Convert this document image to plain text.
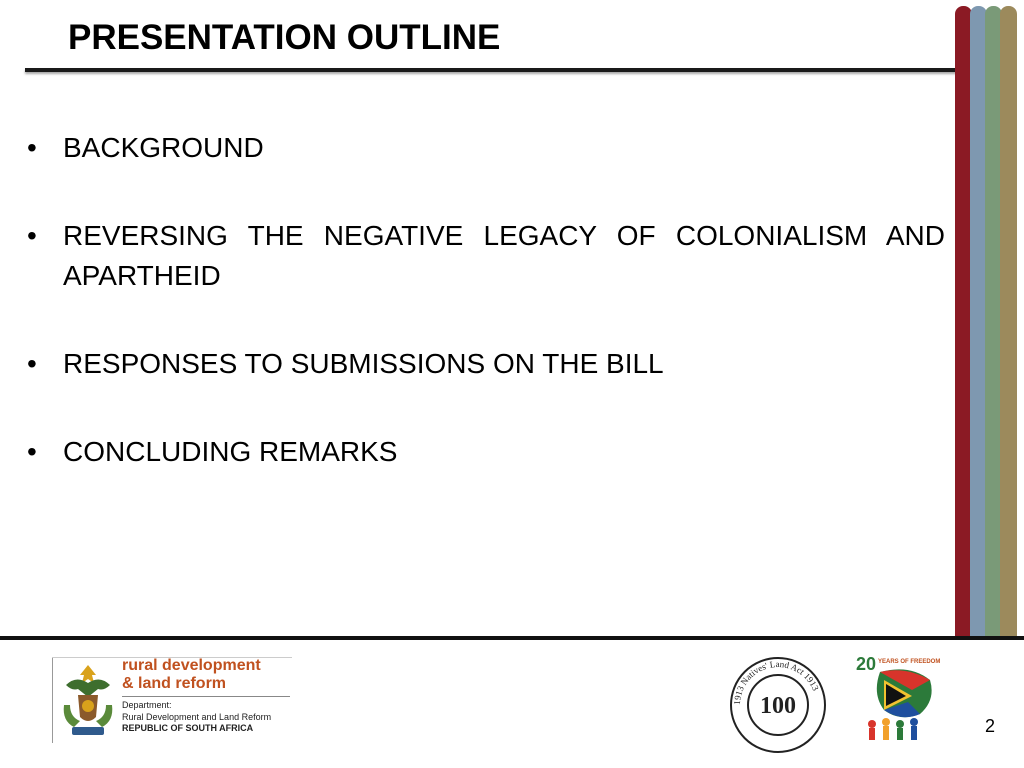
PRESENTATION OUTLINE
• BACKGROUND
• REVERSING THE NEGATIVE LEGACY OF COLONIALISM AND APARTHEID
• RESPONSES TO SUBMISSIONS ON THE BILL
• CONCLUDING REMARKS
rural development
& land reform
Department:
Rural Development and Land Reform
REPUBLIC OF SOUTH AFRICA
1913 Natives' Land Act 1913
100
20 YEARS OF FREEDOM
2
